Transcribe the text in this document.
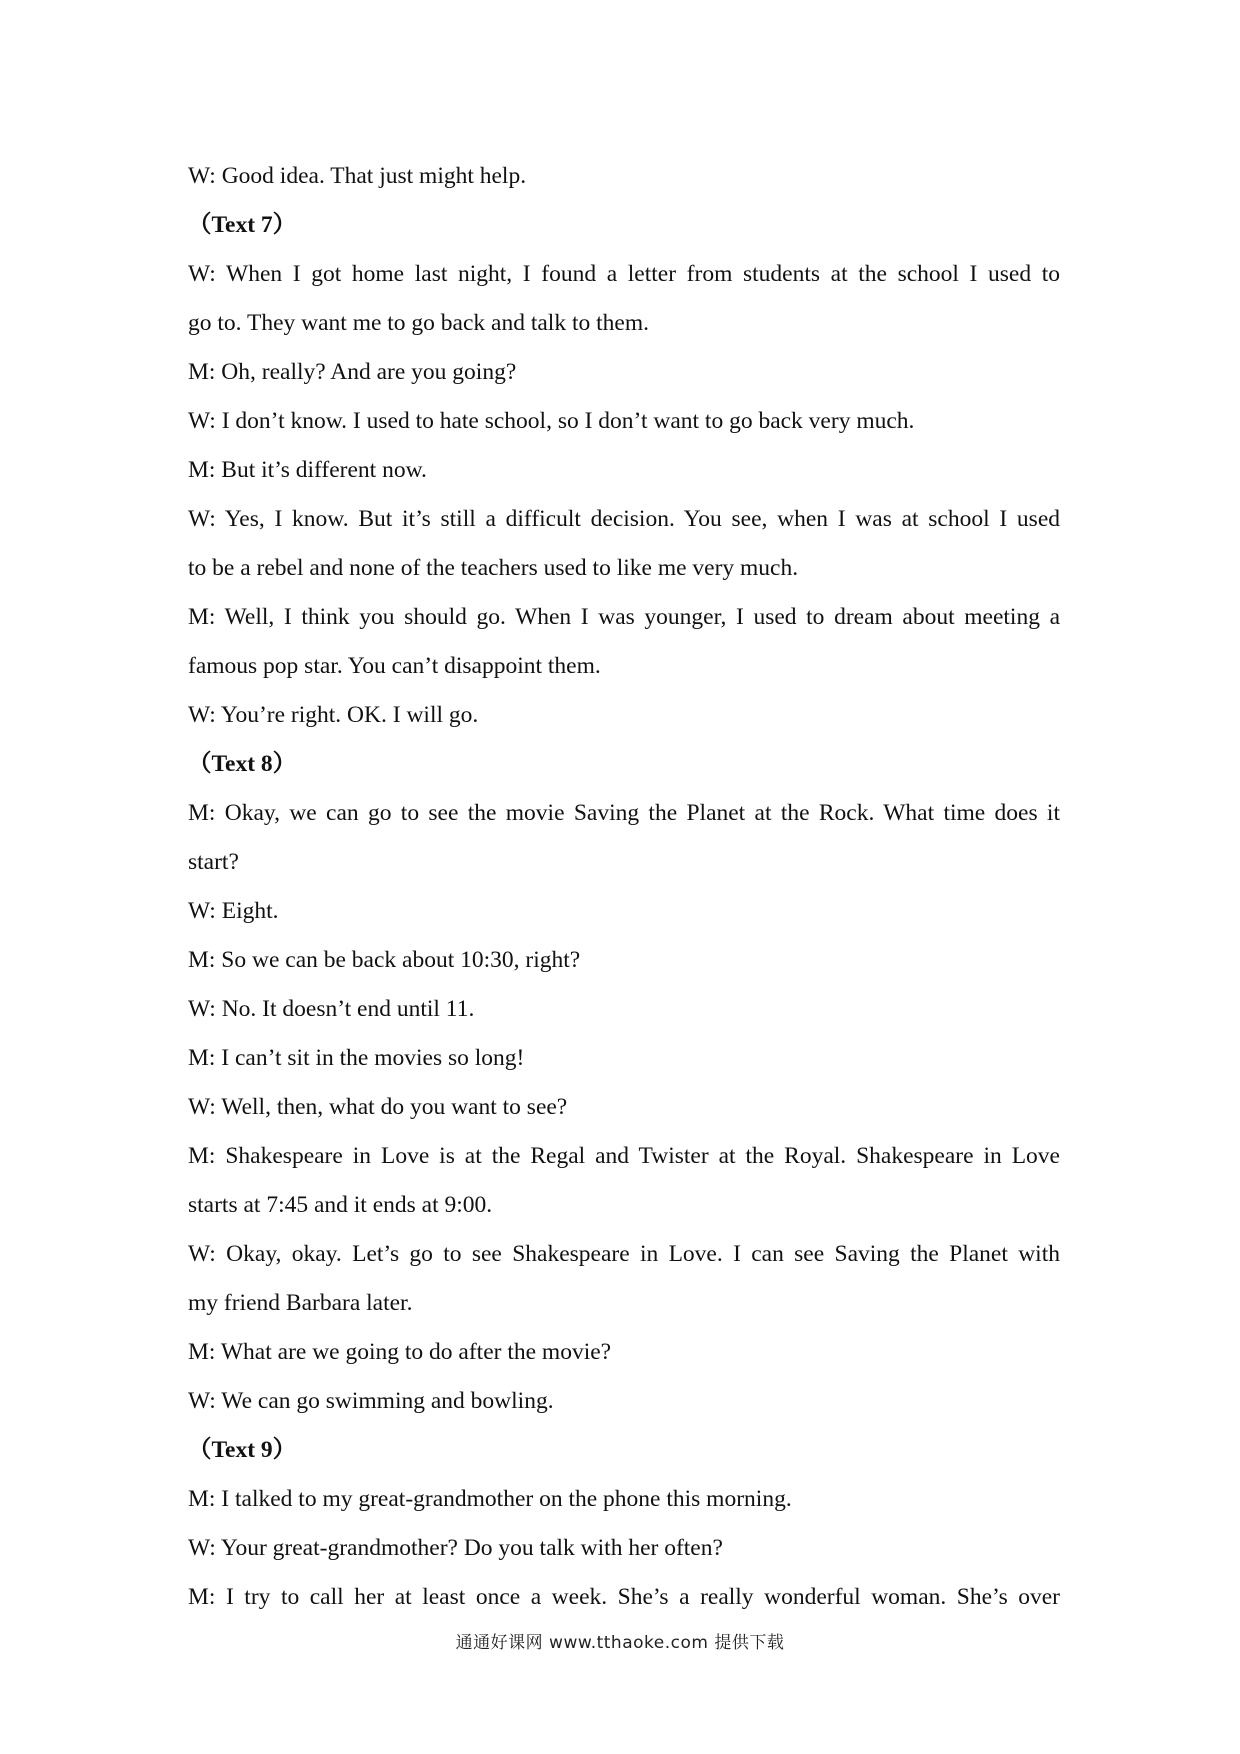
W: Good idea. That just might help.
（Text 7）
W: When I got home last night, I found a letter from students at the school I used to
go to. They want me to go back and talk to them.
M: Oh, really? And are you going?
W: I don’t know. I used to hate school, so I don’t want to go back very much.
M: But it’s different now.
W: Yes, I know. But it’s still a difficult decision. You see, when I was at school I used
to be a rebel and none of the teachers used to like me very much.
M: Well, I think you should go. When I was younger, I used to dream about meeting a
famous pop star. You can’t disappoint them.
W: You’re right. OK. I will go.
（Text 8）
M: Okay, we can go to see the movie Saving the Planet at the Rock. What time does it
start?
W: Eight.
M: So we can be back about 10:30, right?
W: No. It doesn’t end until 11.
M: I can’t sit in the movies so long!
W: Well, then, what do you want to see?
M: Shakespeare in Love is at the Regal and Twister at the Royal. Shakespeare in Love
starts at 7:45 and it ends at 9:00.
W: Okay, okay. Let’s go to see Shakespeare in Love. I can see Saving the Planet with
my friend Barbara later.
M: What are we going to do after the movie?
W: We can go swimming and bowling.
（Text 9）
M: I talked to my great-grandmother on the phone this morning.
W: Your great-grandmother? Do you talk with her often?
M: I try to call her at least once a week. She’s a really wonderful woman. She’s over
通通好课网 www.tthaoke.com 提供下载
